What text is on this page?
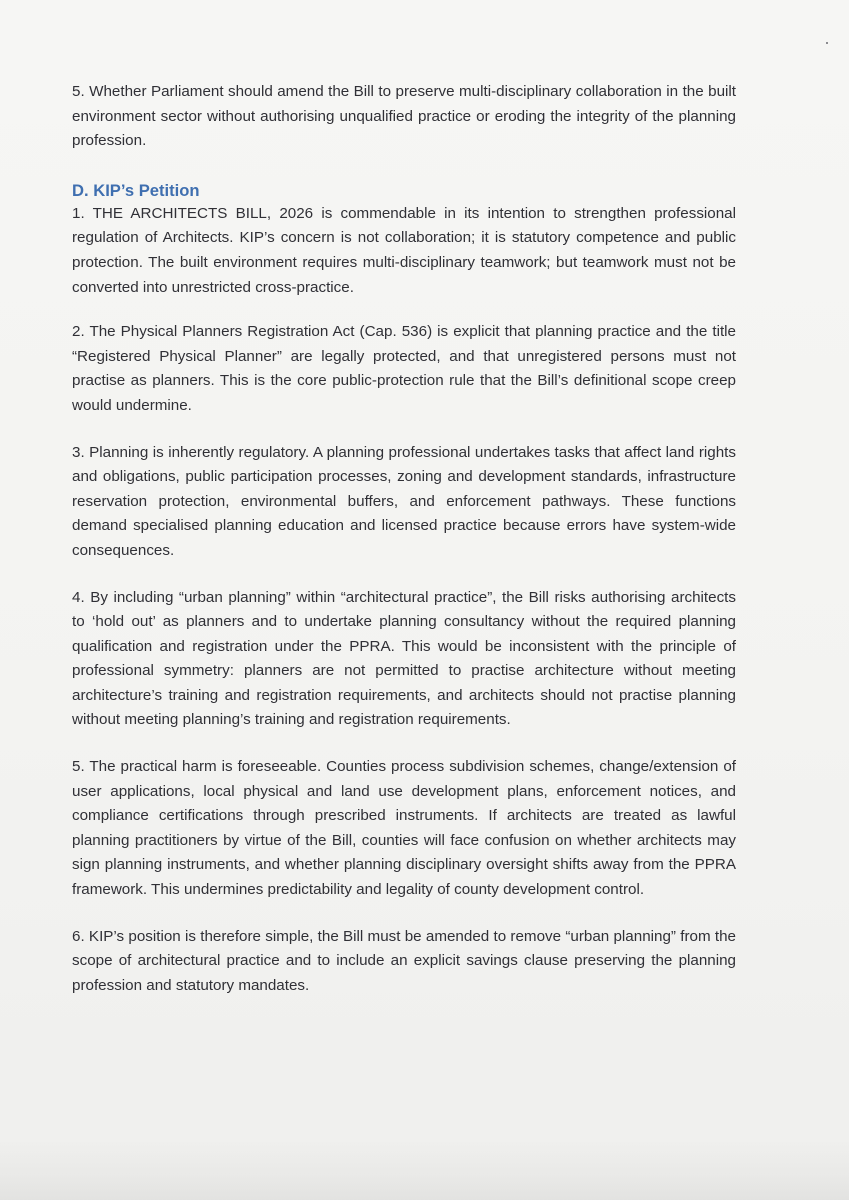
5. Whether Parliament should amend the Bill to preserve multi-disciplinary collaboration in the built environment sector without authorising unqualified practice or eroding the integrity of the planning profession.

D. KIP’s Petition

1. THE ARCHITECTS BILL, 2026 is commendable in its intention to strengthen professional regulation of Architects. KIP’s concern is not collaboration; it is statutory competence and public protection. The built environment requires multi-disciplinary teamwork; but teamwork must not be converted into unrestricted cross-practice.

2. The Physical Planners Registration Act (Cap. 536) is explicit that planning practice and the title “Registered Physical Planner” are legally protected, and that unregistered persons must not practise as planners. This is the core public-protection rule that the Bill’s definitional scope creep would undermine.

3. Planning is inherently regulatory. A planning professional undertakes tasks that affect land rights and obligations, public participation processes, zoning and development standards, infrastructure reservation protection, environmental buffers, and enforcement pathways. These functions demand specialised planning education and licensed practice because errors have system-wide consequences.

4. By including “urban planning” within “architectural practice”, the Bill risks authorising architects to ‘hold out’ as planners and to undertake planning consultancy without the required planning qualification and registration under the PPRA. This would be inconsistent with the principle of professional symmetry: planners are not permitted to practise architecture without meeting architecture’s training and registration requirements, and architects should not practise planning without meeting planning’s training and registration requirements.

5. The practical harm is foreseeable. Counties process subdivision schemes, change/extension of user applications, local physical and land use development plans, enforcement notices, and compliance certifications through prescribed instruments. If architects are treated as lawful planning practitioners by virtue of the Bill, counties will face confusion on whether architects may sign planning instruments, and whether planning disciplinary oversight shifts away from the PPRA framework. This undermines predictability and legality of county development control.

6. KIP’s position is therefore simple, the Bill must be amended to remove “urban planning” from the scope of architectural practice and to include an explicit savings clause preserving the planning profession and statutory mandates.
